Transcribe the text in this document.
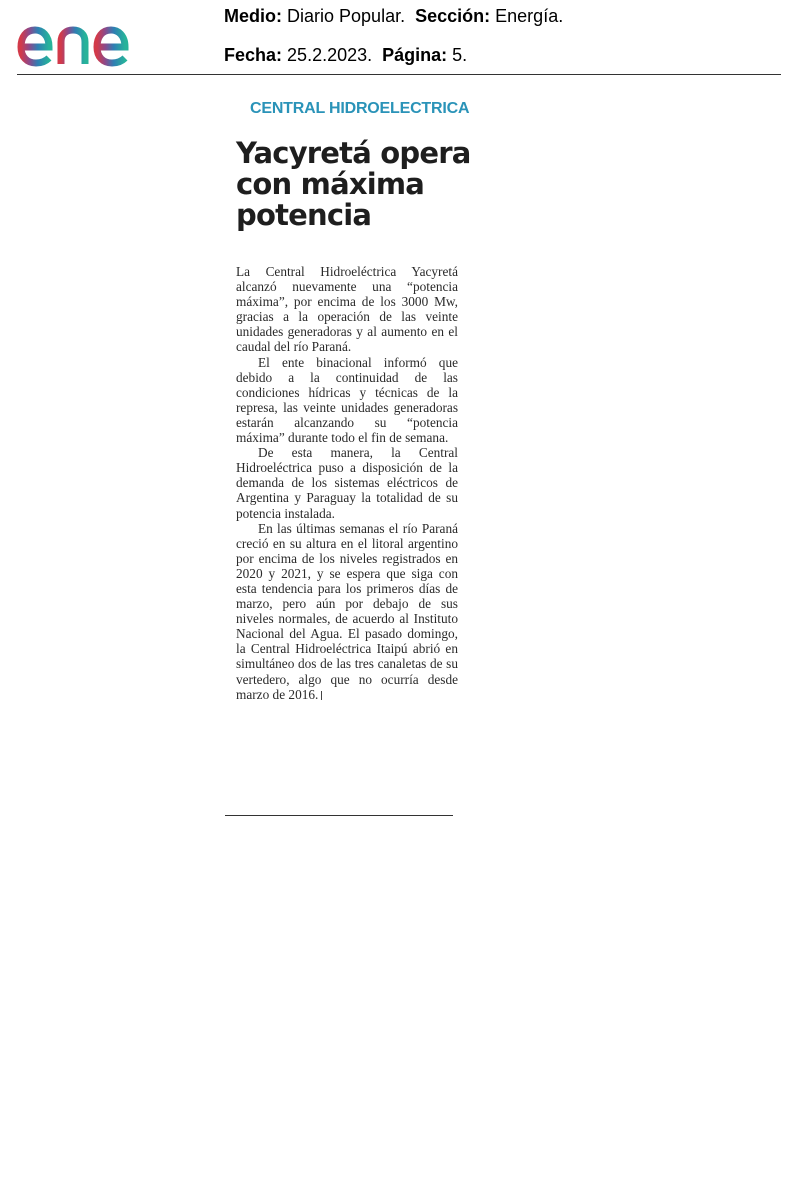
Medio: Diario Popular. Sección: Energía.
Fecha: 25.2.2023. Página: 5.
CENTRAL HIDROELECTRICA
Yacyretá opera con máxima potencia

La Central Hidroeléctrica Yacyretá alcanzó nuevamente una “potencia máxima”, por encima de los 3000 Mw, gracias a la operación de las veinte unidades generadoras y al aumento en el caudal del río Paraná.

El ente binacional informó que debido a la continuidad de las condiciones hídricas y técnicas de la represa, las veinte unidades generadoras estarán alcanzando su “potencia máxima” durante todo el fin de semana.

De esta manera, la Central Hidroeléctrica puso a disposición de la demanda de los sistemas eléctricos de Argentina y Paraguay la totalidad de su potencia instalada.

En las últimas semanas el río Paraná creció en su altura en el litoral argentino por encima de los niveles registrados en 2020 y 2021, y se espera que siga con esta tendencia para los primeros días de marzo, pero aún por debajo de sus niveles normales, de acuerdo al Instituto Nacional del Agua. El pasado domingo, la Central Hidroeléctrica Itaipú abrió en simultáneo dos de las tres canaletas de su vertedero, algo que no ocurría desde marzo de 2016.
